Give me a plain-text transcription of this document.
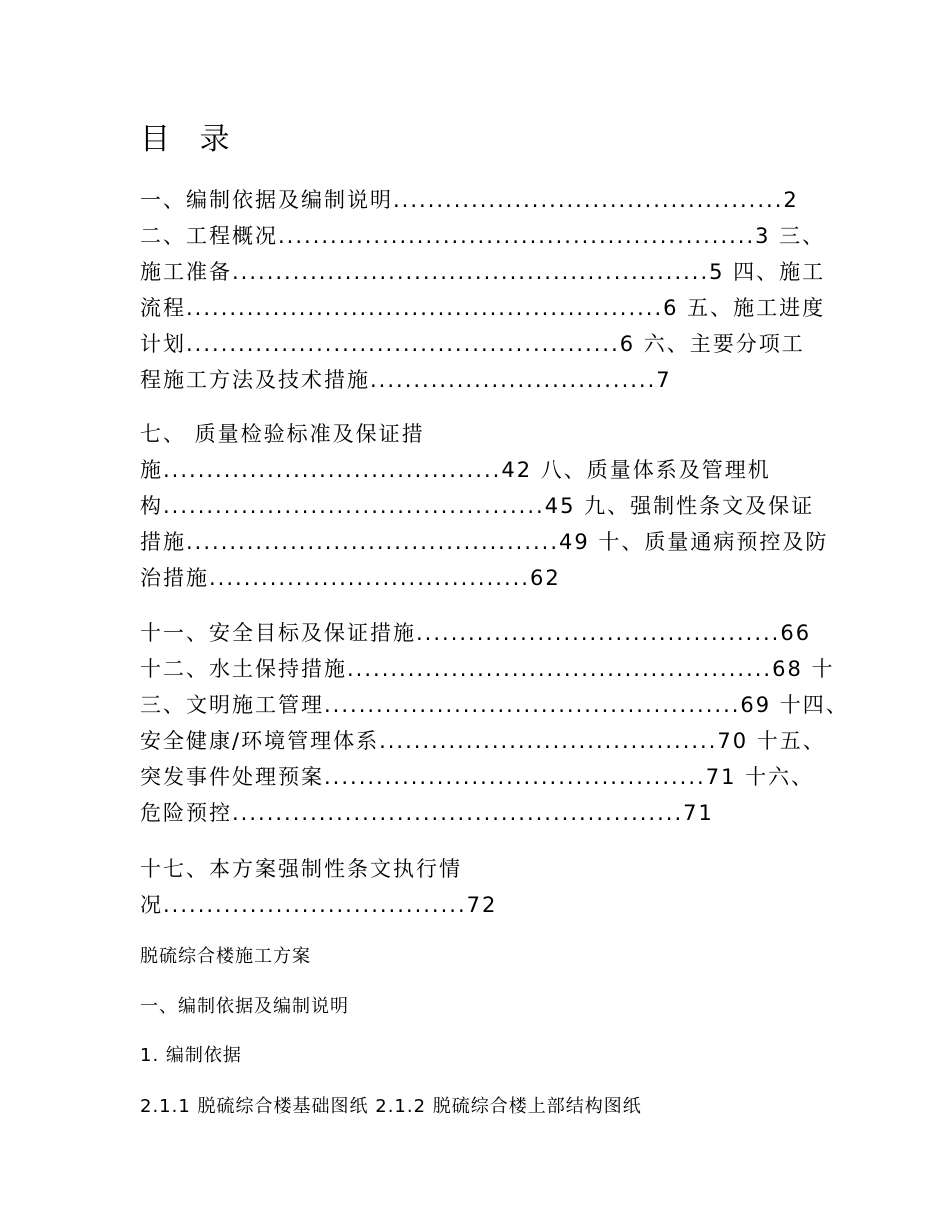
目 录

一、编制依据及编制说明.............................................2

二、工程概况.......................................................3 三、

施工准备.......................................................5 四、施工

流程.......................................................6 五、施工进度

计划..................................................6 六、主要分项工

程施工方法及技术措施.................................7

七、 质量检验标准及保证措

施.......................................42 八、质量体系及管理机

构............................................45 九、强制性条文及保证

措施...........................................49 十、质量通病预控及防

治措施.....................................62

十一、安全目标及保证措施..........................................66

十二、水土保持措施.................................................68 十

三、文明施工管理................................................69 十四、

安全健康/环境管理体系.......................................70 十五、

突发事件处理预案............................................71 十六、

危险预控....................................................71

十七、本方案强制性条文执行情

况...................................72

脱硫综合楼施工方案

一、编制依据及编制说明

1. 编制依据

2.1.1 脱硫综合楼基础图纸 2.1.2 脱硫综合楼上部结构图纸
